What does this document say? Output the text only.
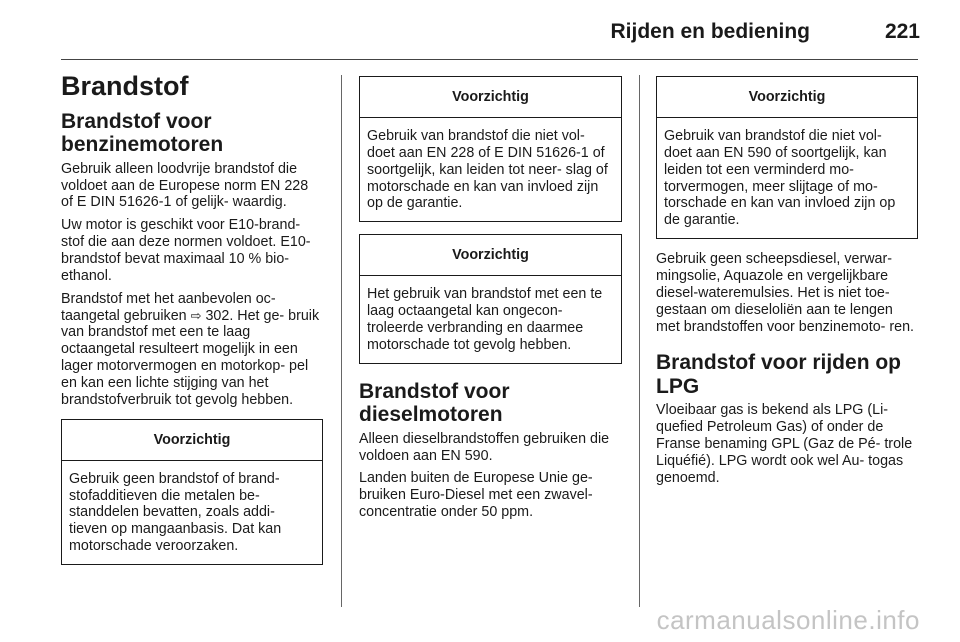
Rijden en bediening	221
Brandstof
Brandstof voor benzinemotoren

Gebruik alleen loodvrije brandstof die voldoet aan de Europese norm EN 228 of E DIN 51626-1 of gelijk- waardig.

Uw motor is geschikt voor E10-brand- stof die aan deze normen voldoet. E10-brandstof bevat maximaal 10 % bio-ethanol.

Brandstof met het aanbevolen oc- taangetal gebruiken ⇨ 302. Het ge- bruik van brandstof met een te laag octaangetal resulteert mogelijk in een lager motorvermogen en motorkop- pel en kan een lichte stijging van het brandstofverbruik tot gevolg hebben.

Voorzichtig
Gebruik geen brandstof of brand- stofadditieven die metalen be- standdelen bevatten, zoals addi- tieven op mangaanbasis. Dat kan motorschade veroorzaken.
Voorzichtig
Gebruik van brandstof die niet vol- doet aan EN 228 of E DIN 51626-1 of soortgelijk, kan leiden tot neer- slag of motorschade en kan van invloed zijn op de garantie.
Voorzichtig
Het gebruik van brandstof met een te laag octaangetal kan ongecon- troleerde verbranding en daarmee motorschade tot gevolg hebben.
Brandstof voor dieselmotoren

Alleen dieselbrandstoffen gebruiken die voldoen aan EN 590.

Landen buiten de Europese Unie ge- bruiken Euro-Diesel met een zwavel- concentratie onder 50 ppm.

Voorzichtig
Gebruik van brandstof die niet vol- doet aan EN 590 of soortgelijk, kan leiden tot een verminderd mo- torvermogen, meer slijtage of mo- torschade en kan van invloed zijn op de garantie.

Gebruik geen scheepsdiesel, verwar- mingsolie, Aquazole en vergelijkbare diesel-wateremulsies. Het is niet toe- gestaan om dieseloliën aan te lengen met brandstoffen voor benzinemoto- ren.

Brandstof voor rijden op LPG

Vloeibaar gas is bekend als LPG (Li- quefied Petroleum Gas) of onder de Franse benaming GPL (Gaz de Pé- trole Liquéfié). LPG wordt ook wel Au- togas genoemd.

carmanualsonline.info
